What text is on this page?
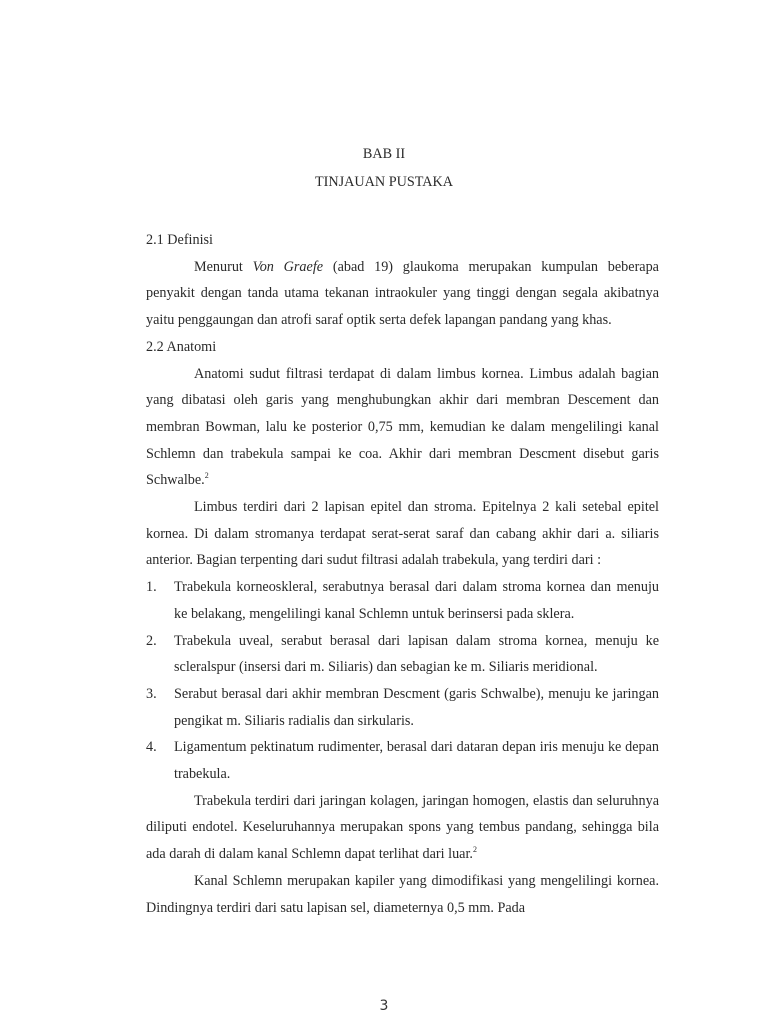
BAB II
TINJAUAN PUSTAKA

2.1 Definisi

Menurut Von Graefe (abad 19) glaukoma merupakan kumpulan beberapa penyakit dengan tanda utama tekanan intraokuler yang tinggi dengan segala akibatnya yaitu penggaungan dan atrofi saraf optik serta defek lapangan pandang yang khas.

2.2 Anatomi

Anatomi sudut filtrasi terdapat di dalam limbus kornea. Limbus adalah bagian yang dibatasi oleh garis yang menghubungkan akhir dari membran Descement dan membran Bowman, lalu ke posterior 0,75 mm, kemudian ke dalam mengelilingi kanal Schlemn dan trabekula sampai ke coa. Akhir dari membran Descment disebut garis Schwalbe.$^2$

Limbus terdiri dari 2 lapisan epitel dan stroma. Epitelnya 2 kali setebal epitel kornea. Di dalam stromanya terdapat serat-serat saraf dan cabang akhir dari a. siliaris anterior. Bagian terpenting dari sudut filtrasi adalah trabekula, yang terdiri dari :

1. Trabekula korneoskleral, serabutnya berasal dari dalam stroma kornea dan menuju ke belakang, mengelilingi kanal Schlemn untuk berinsersi pada sklera.
2. Trabekula uveal, serabut berasal dari lapisan dalam stroma kornea, menuju ke scleralspur (insersi dari m. Siliaris) dan sebagian ke m. Siliaris meridional.
3. Serabut berasal dari akhir membran Descment (garis Schwalbe), menuju ke jaringan pengikat m. Siliaris radialis dan sirkularis.
4. Ligamentum pektinatum rudimenter, berasal dari dataran depan iris menuju ke depan trabekula.

Trabekula terdiri dari jaringan kolagen, jaringan homogen, elastis dan seluruhnya diliputi endotel. Keseluruhannya merupakan spons yang tembus pandang, sehingga bila ada darah di dalam kanal Schlemn dapat terlihat dari luar.$^2$

Kanal Schlemn merupakan kapiler yang dimodifikasi yang mengelilingi kornea. Dindingnya terdiri dari satu lapisan sel, diameternya 0,5 mm. Pada

3
